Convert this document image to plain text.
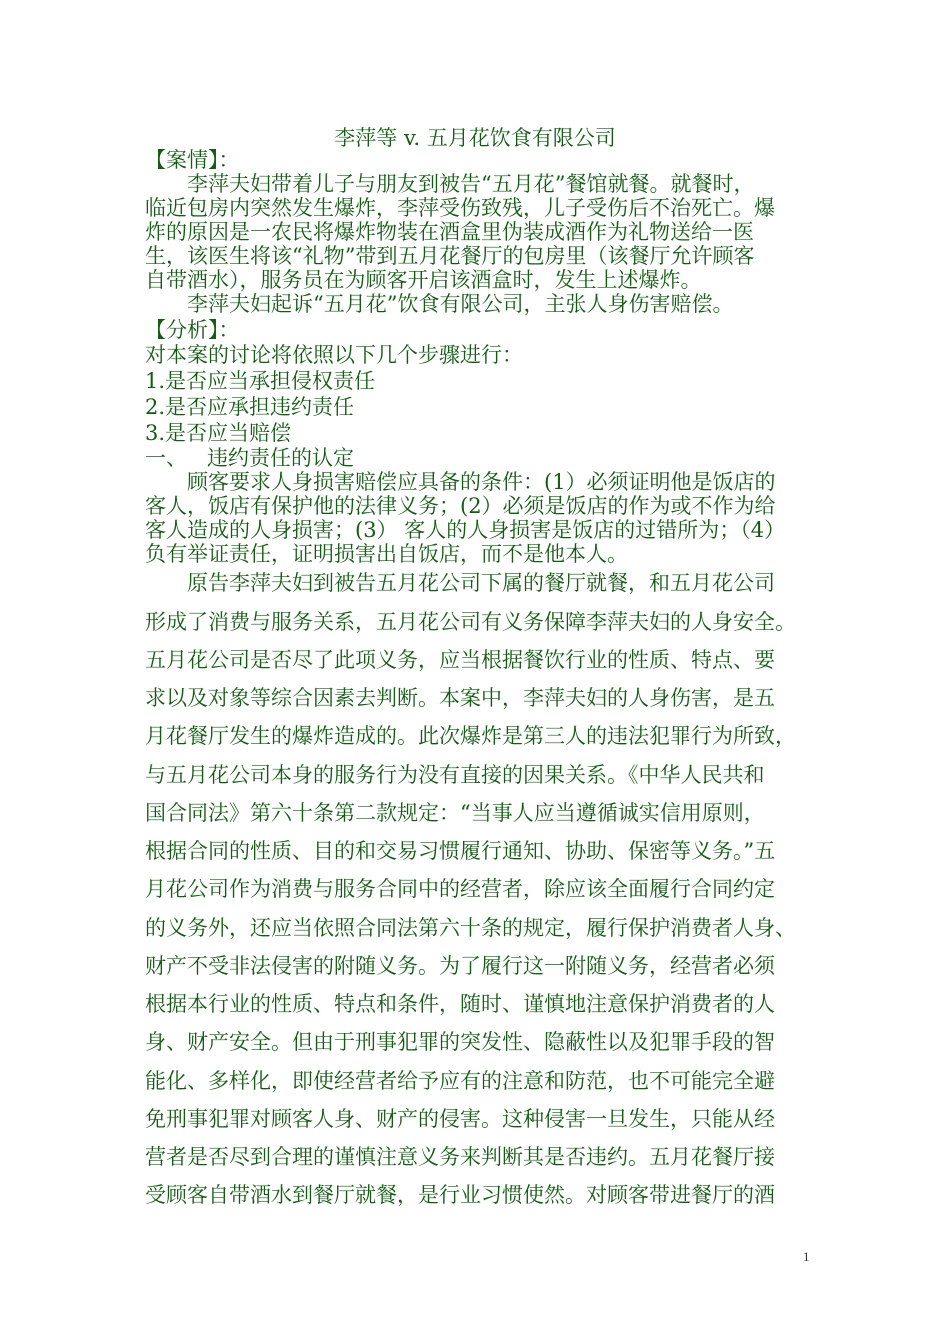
李萍等 v. 五月花饮食有限公司
【案情】：
李萍夫妇带着儿子与朋友到被告“五月花”餐馆就餐。就餐时，
临近包房内突然发生爆炸，李萍受伤致残，儿子受伤后不治死亡。爆
炸的原因是一农民将爆炸物装在酒盒里伪装成酒作为礼物送给一医
生，该医生将该“礼物”带到五月花餐厅的包房里（该餐厅允许顾客
自带酒水），服务员在为顾客开启该酒盒时，发生上述爆炸。
李萍夫妇起诉“五月花”饮食有限公司，主张人身伤害赔偿。
【分析】：
对本案的讨论将依照以下几个步骤进行：
1.是否应当承担侵权责任
2.是否应承担违约责任
3.是否应当赔偿
一、   违约责任的认定
顾客要求人身损害赔偿应具备的条件：(1）必须证明他是饭店的
客人，饭店有保护他的法律义务；(2）必须是饭店的作为或不作为给
客人造成的人身损害；(3） 客人的人身损害是饭店的过错所为；（4）
负有举证责任，证明损害出自饭店，而不是他本人。
原告李萍夫妇到被告五月花公司下属的餐厅就餐，和五月花公司
形成了消费与服务关系，五月花公司有义务保障李萍夫妇的人身安全。
五月花公司是否尽了此项义务，应当根据餐饮行业的性质、特点、要
求以及对象等综合因素去判断。本案中，李萍夫妇的人身伤害，是五
月花餐厅发生的爆炸造成的。此次爆炸是第三人的违法犯罪行为所致，
与五月花公司本身的服务行为没有直接的因果关系。《中华人民共和
国合同法》第六十条第二款规定：“当事人应当遵循诚实信用原则，
根据合同的性质、目的和交易习惯履行通知、协助、保密等义务。”五
月花公司作为消费与服务合同中的经营者，除应该全面履行合同约定
的义务外，还应当依照合同法第六十条的规定，履行保护消费者人身、
财产不受非法侵害的附随义务。为了履行这一附随义务，经营者必须
根据本行业的性质、特点和条件，随时、谨慎地注意保护消费者的人
身、财产安全。但由于刑事犯罪的突发性、隐蔽性以及犯罪手段的智
能化、多样化，即使经营者给予应有的注意和防范，也不可能完全避
免刑事犯罪对顾客人身、财产的侵害。这种侵害一旦发生，只能从经
营者是否尽到合理的谨慎注意义务来判断其是否违约。五月花餐厅接
受顾客自带酒水到餐厅就餐，是行业习惯使然。对顾客带进餐厅的酒
1
